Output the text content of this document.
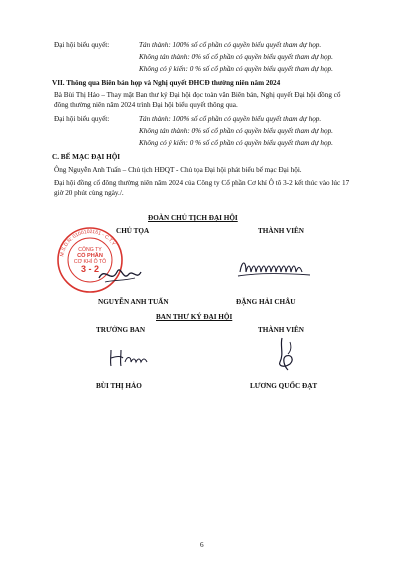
Đại hội biểu quyết:	Tán thành: 100% số cổ phần có quyền biểu quyết tham dự họp.
Không tán thành: 0% số cổ phần có quyền biểu quyết tham dự họp.
Không có ý kiến: 0 % số cổ phần có quyền biểu quyết tham dự họp.
VII. Thông qua Biên bản họp và Nghị quyết ĐHCĐ thường niên năm 2024
Bà Bùi Thị Hảo – Thay mặt Ban thư ký Đại hội đọc toàn văn Biên bản, Nghị quyết Đại hội đồng cổ đông thường niên năm 2024 trình Đại hội biểu quyết thông qua.
Đại hội biểu quyết:	Tán thành: 100% số cổ phần có quyền biểu quyết tham dự họp.
Không tán thành: 0% số cổ phần có quyền biểu quyết tham dự họp.
Không có ý kiến: 0 % số cổ phần có quyền biểu quyết tham dự họp.
C. BẾ MẠC ĐẠI HỘI
Ông Nguyễn Anh Tuấn – Chủ tịch HĐQT - Chủ tọa Đại hội phát biểu bế mạc Đại hội.
Đại hội đồng cổ đông thường niên năm 2024 của Công ty Cổ phần Cơ khí Ô tô 3-2 kết thúc vào lúc 17 giờ 20 phút cùng ngày./.
ĐOÀN CHỦ TỊCH ĐẠI HỘI
CHỦ TỌA	THÀNH VIÊN
M.S.D.N: 0100102161 - C.T.Y
CÔNG TY
CỔ PHẦN
CƠ KHÍ Ô TÔ
3 - 2
NGUYỄN ANH TUẤN	ĐẶNG HẢI CHÂU
BAN THƯ KÝ ĐẠI HỘI
TRƯỞNG BAN	THÀNH VIÊN
BÙI THỊ HẢO	LƯƠNG QUỐC ĐẠT
6
